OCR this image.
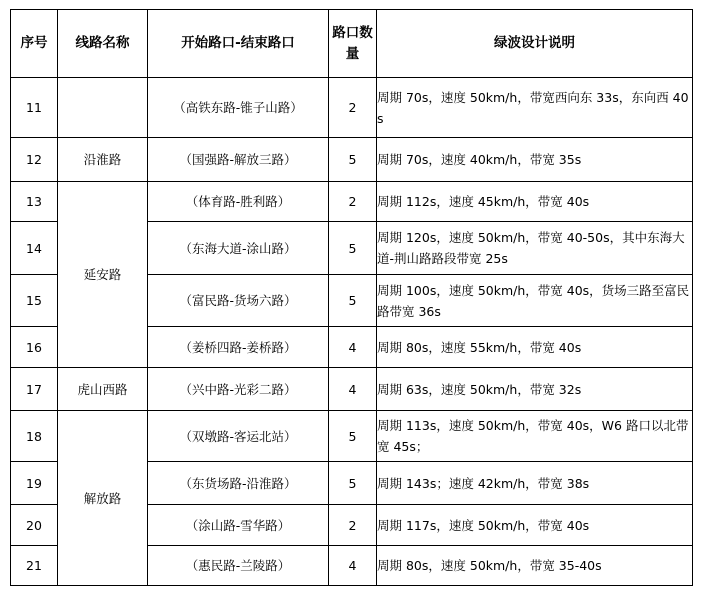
序号	线路名称	开始路口-结束路口	路口数量	绿波设计说明
11		（高铁东路-锥子山路）	2	周期 70s，速度 50km/h，带宽西向东 33s，东向西 40s
12	沿淮路	（国强路-解放三路）	5	周期 70s，速度 40km/h，带宽 35s
13	延安路	（体育路-胜利路）	2	周期 112s，速度 45km/h，带宽 40s
14		（东海大道-涂山路）	5	周期 120s，速度 50km/h，带宽 40-50s，其中东海大道-荆山路路段带宽 25s
15		（富民路-货场六路）	5	周期 100s，速度 50km/h，带宽 40s，货场三路至富民路带宽 36s
16		（姜桥四路-姜桥路）	4	周期 80s，速度 55km/h，带宽 40s
17	虎山西路	（兴中路-光彩二路）	4	周期 63s，速度 50km/h，带宽 32s
18	解放路	（双墩路-客运北站）	5	周期 113s，速度 50km/h，带宽 40s，W6 路口以北带宽 45s；
19		（东货场路-沿淮路）	5	周期 143s；速度 42km/h，带宽 38s
20		（涂山路-雪华路）	2	周期 117s，速度 50km/h，带宽 40s
21		（惠民路-兰陵路）	4	周期 80s，速度 50km/h，带宽 35-40s
